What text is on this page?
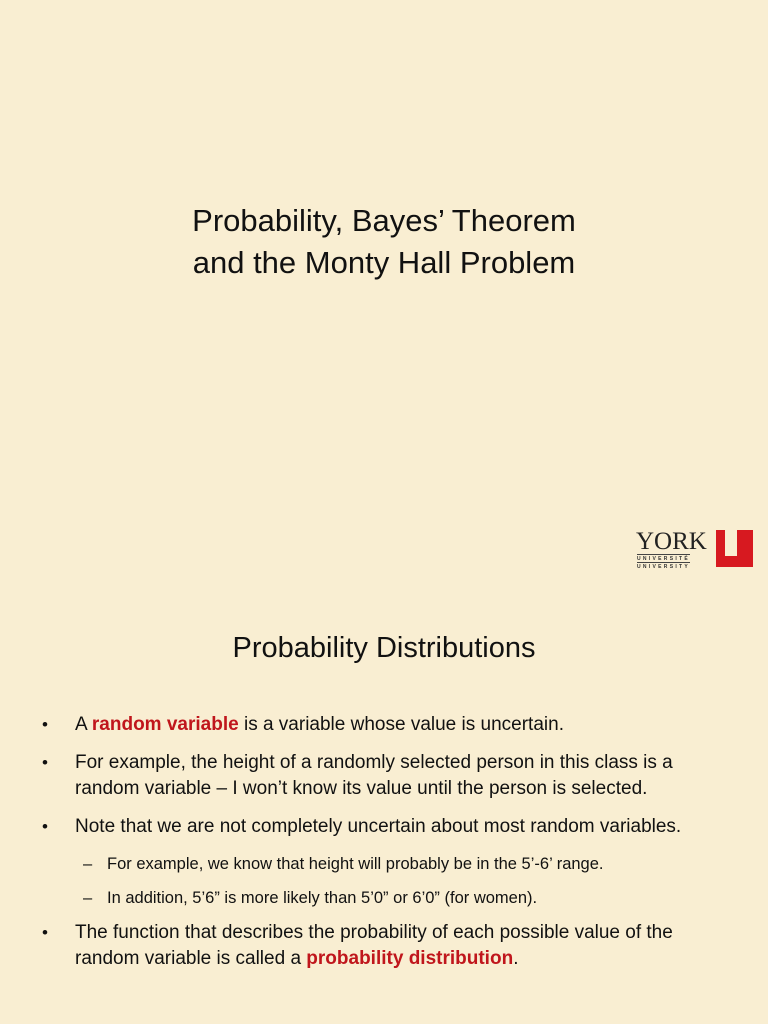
Probability, Bayes’ Theorem
and the Monty Hall Problem
YORK
UNIVERSITÉ
UNIVERSITY
Probability Distributions
• A random variable is a variable whose value is uncertain.
• For example, the height of a randomly selected person in this class is a random variable – I won’t know its value until the person is selected.
• Note that we are not completely uncertain about most random variables.
– For example, we know that height will probably be in the 5’-6’ range.
– In addition, 5’6” is more likely than 5’0” or 6’0” (for women).
• The function that describes the probability of each possible value of the random variable is called a probability distribution.
